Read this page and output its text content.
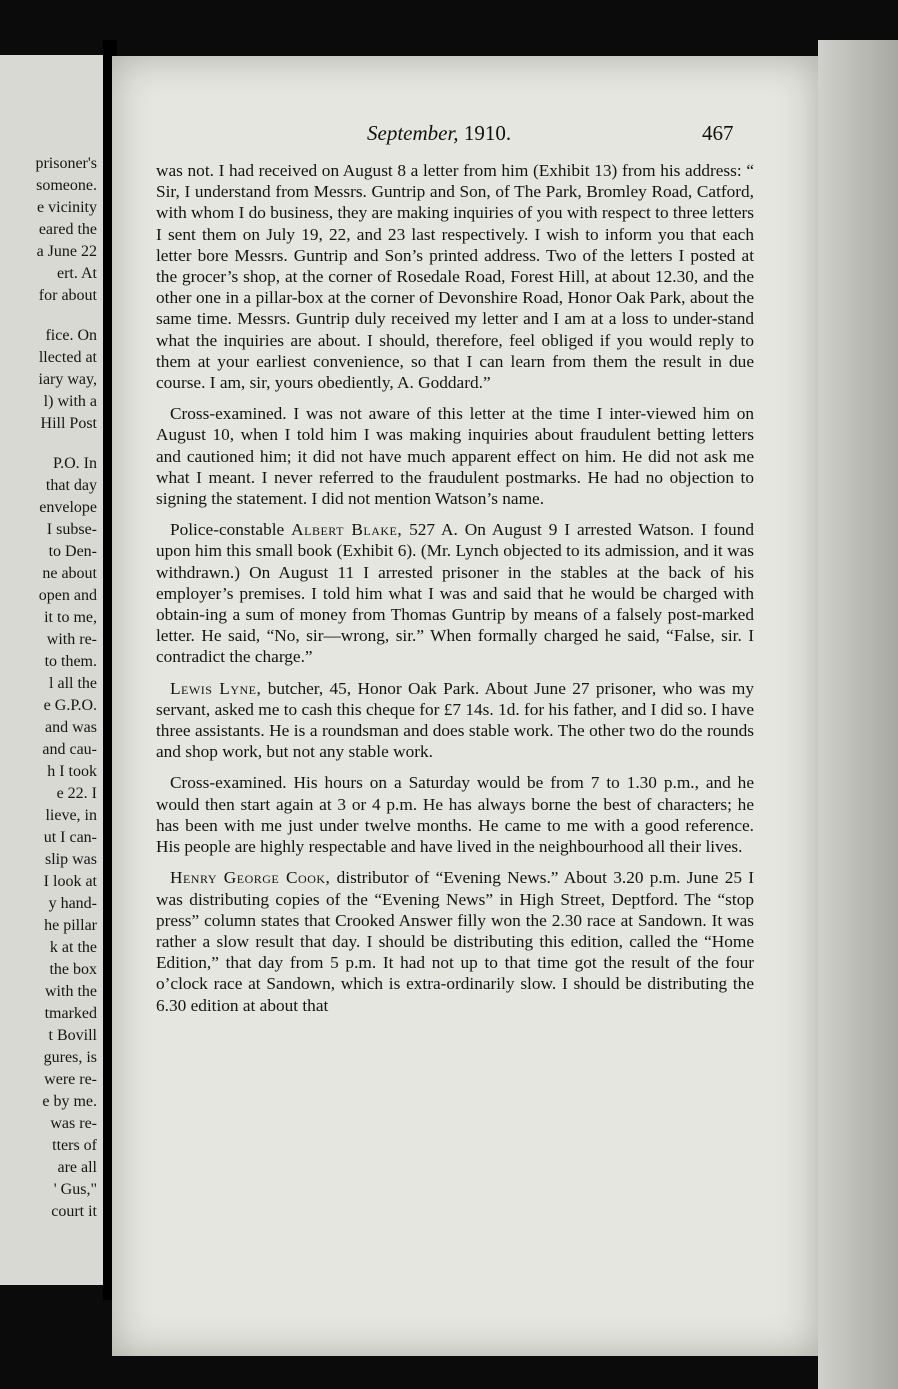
prisoner's
someone.
e vicinity
eared the
a June 22
ert. At
for about
fice. On
llected at
iary way,
l) with a
Hill Post
P.O. In
that day
envelope
I subse-
to Den-
ne about
open and
it to me,
with re-
to them.
l all the
e G.P.O.
and was
and cau-
h I took
e 22. I
lieve, in
ut I can-
slip was
I look at
y hand-
he pillar
k at the
the box
with the
tmarked
t Bovill
gures, is
were re-
e by me.
was re-
tters of
are all
' Gus,"
court it
September, 1910.	467

was not. I had received on August 8 a letter from him (Exhibit 13) from his address: “ Sir, I understand from Messrs. Guntrip and Son, of The Park, Bromley Road, Catford, with whom I do business, they are making inquiries of you with respect to three letters I sent them on July 19, 22, and 23 last respectively. I wish to inform you that each letter bore Messrs. Guntrip and Son’s printed address. Two of the letters I posted at the grocer’s shop, at the corner of Rosedale Road, Forest Hill, at about 12.30, and the other one in a pillar-box at the corner of Devonshire Road, Honor Oak Park, about the same time. Messrs. Guntrip duly received my letter and I am at a loss to under-stand what the inquiries are about. I should, therefore, feel obliged if you would reply to them at your earliest convenience, so that I can learn from them the result in due course. I am, sir, yours obediently, A. Goddard.”

Cross-examined. I was not aware of this letter at the time I inter-viewed him on August 10, when I told him I was making inquiries about fraudulent betting letters and cautioned him; it did not have much apparent effect on him. He did not ask me what I meant. I never referred to the fraudulent postmarks. He had no objection to signing the statement. I did not mention Watson’s name.

Police-constable Albert Blake, 527 A. On August 9 I arrested Watson. I found upon him this small book (Exhibit 6). (Mr. Lynch objected to its admission, and it was withdrawn.) On August 11 I arrested prisoner in the stables at the back of his employer’s premises. I told him what I was and said that he would be charged with obtain-ing a sum of money from Thomas Guntrip by means of a falsely post-marked letter. He said, “No, sir—wrong, sir.” When formally charged he said, “False, sir. I contradict the charge.”

Lewis Lyne, butcher, 45, Honor Oak Park. About June 27 prisoner, who was my servant, asked me to cash this cheque for £7 14s. 1d. for his father, and I did so. I have three assistants. He is a roundsman and does stable work. The other two do the rounds and shop work, but not any stable work.

Cross-examined. His hours on a Saturday would be from 7 to 1.30 p.m., and he would then start again at 3 or 4 p.m. He has always borne the best of characters; he has been with me just under twelve months. He came to me with a good reference. His people are highly respectable and have lived in the neighbourhood all their lives.

Henry George Cook, distributor of “Evening News.” About 3.20 p.m. June 25 I was distributing copies of the “Evening News” in High Street, Deptford. The “stop press” column states that Crooked Answer filly won the 2.30 race at Sandown. It was rather a slow result that day. I should be distributing this edition, called the “Home Edition,” that day from 5 p.m. It had not up to that time got the result of the four o’clock race at Sandown, which is extra-ordinarily slow. I should be distributing the 6.30 edition at about that
